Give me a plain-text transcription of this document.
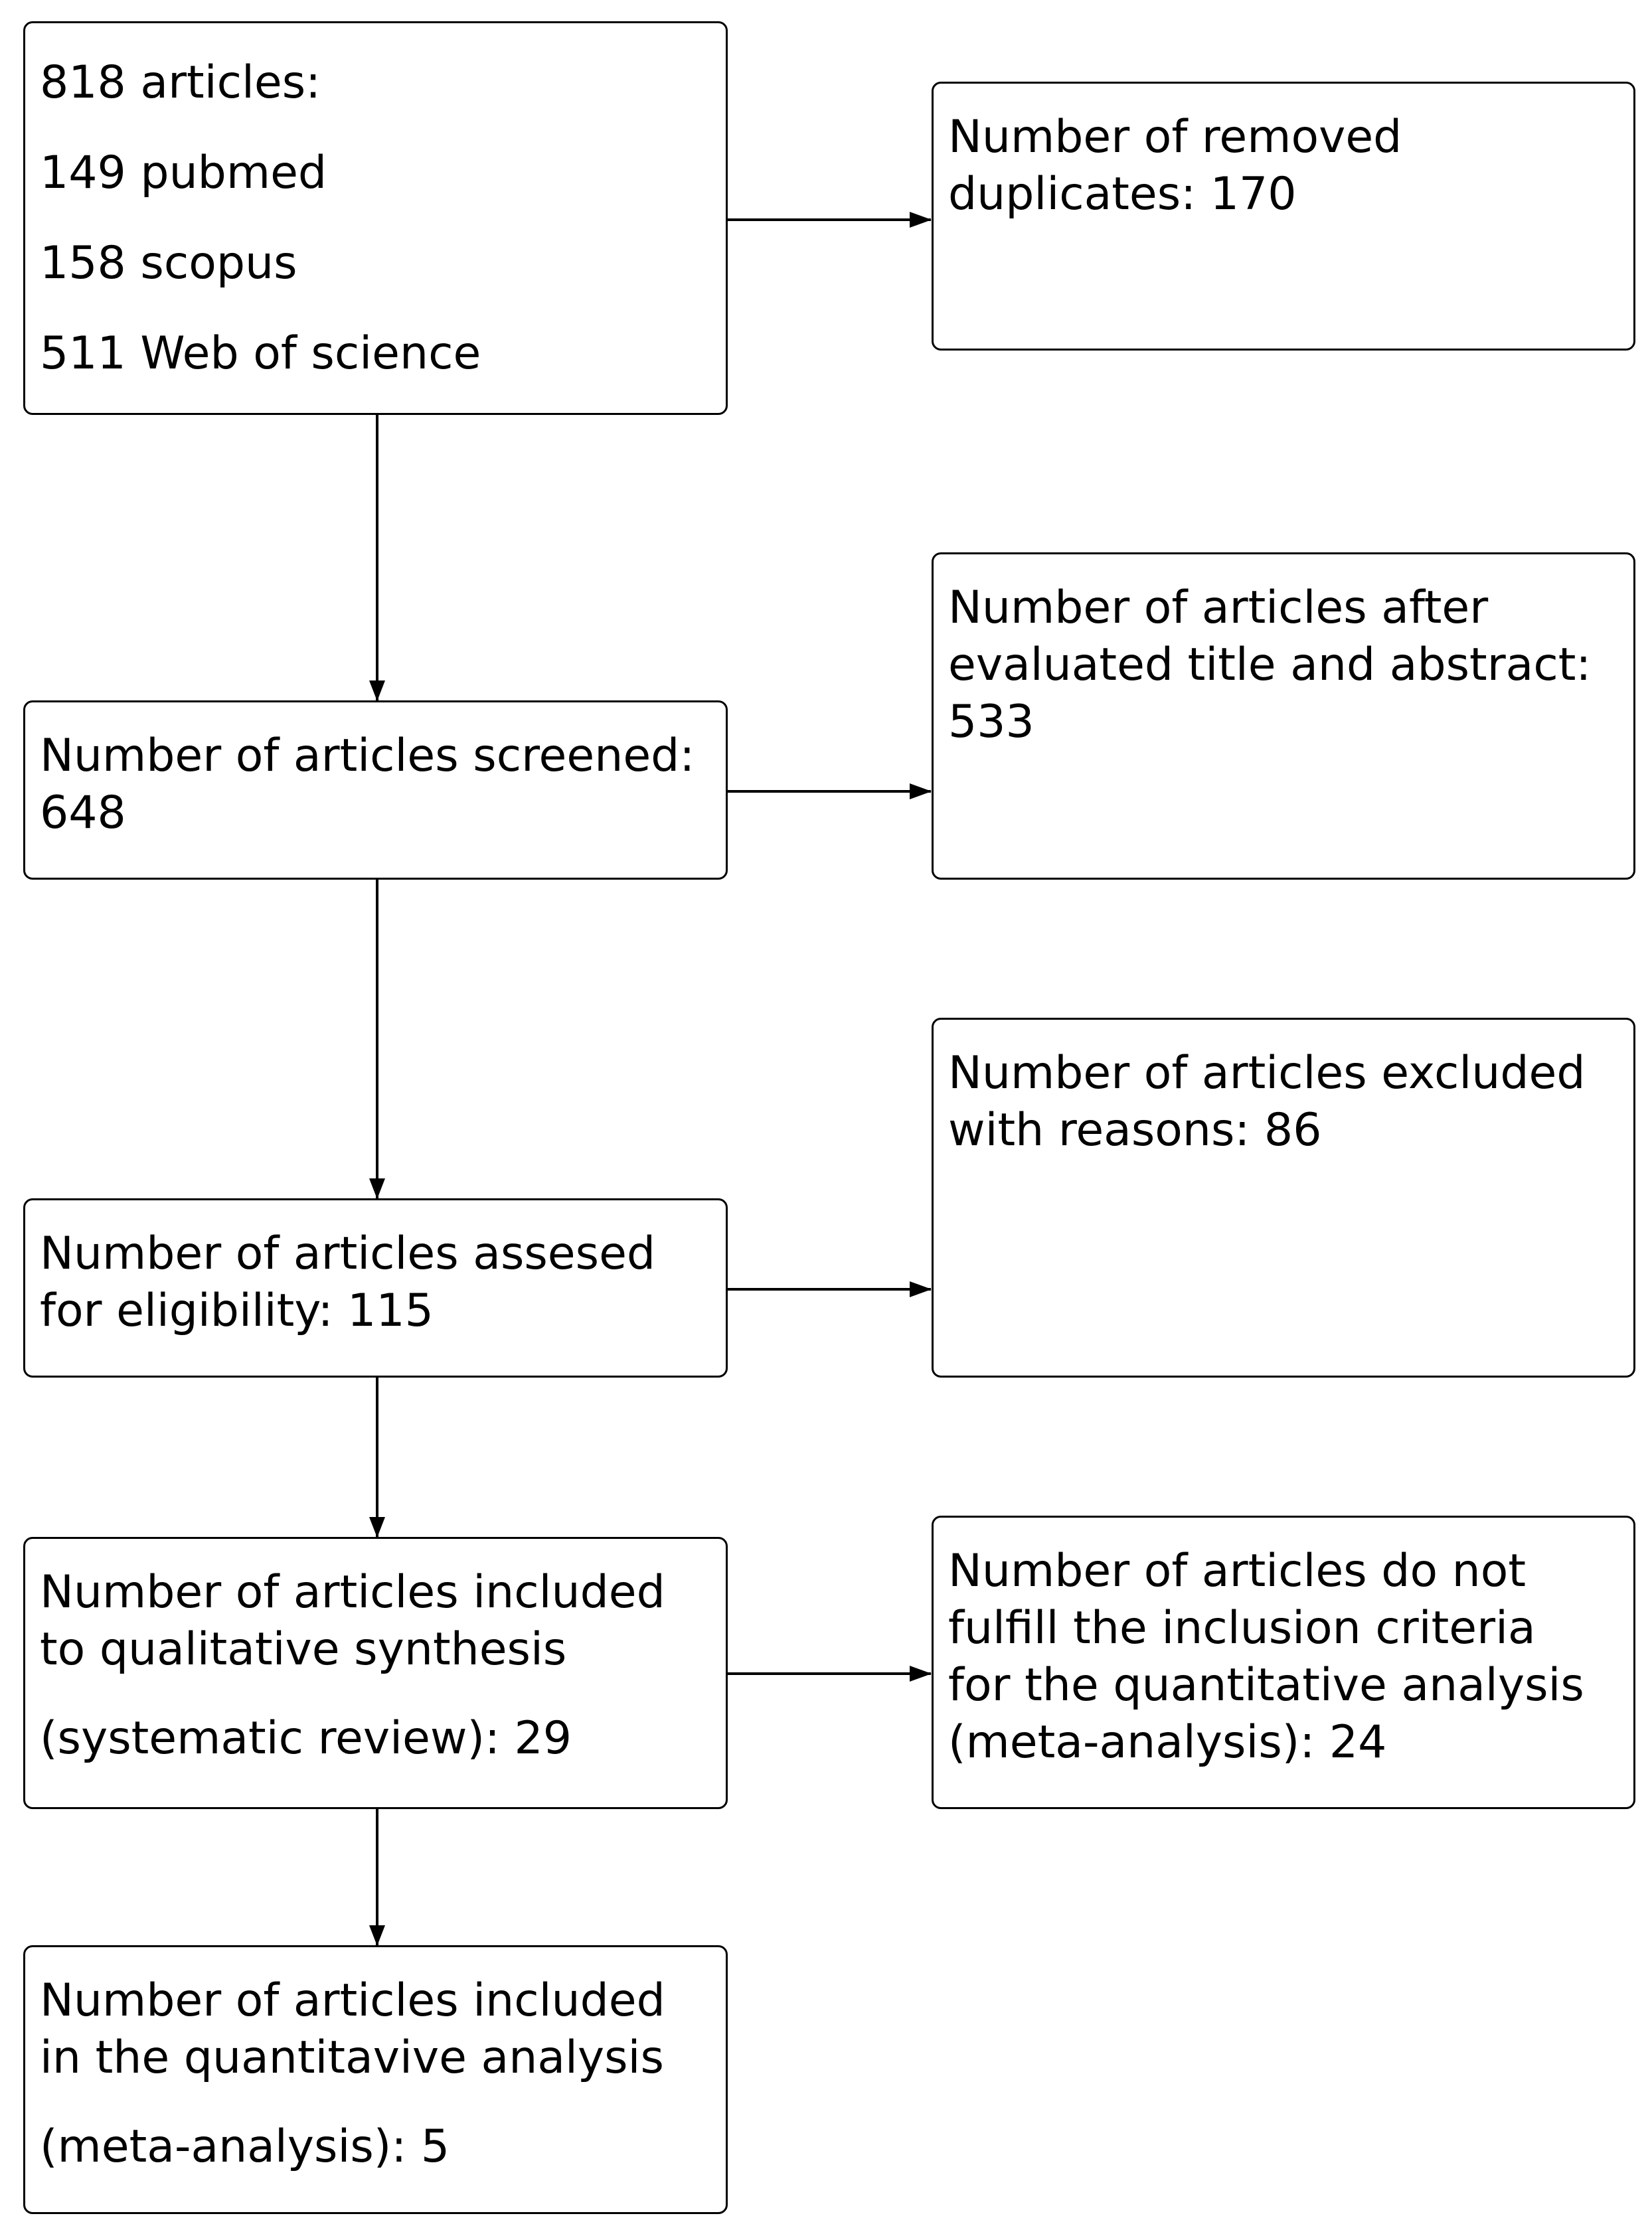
818 articles:
149 pubmed
158 scopus
511 Web of science
Number of articles screened:
648
Number of articles assesed
for eligibility: 115
Number of articles included
to qualitative synthesis
(systematic review): 29
Number of articles included
in the quantitavive analysis
(meta-analysis): 5
Number of removed
duplicates: 170
Number of articles after
evaluated title and abstract:
533
Number of articles excluded
with reasons: 86
Number of articles do not
fulfill the inclusion criteria
for the quantitative analysis
(meta-analysis): 24
